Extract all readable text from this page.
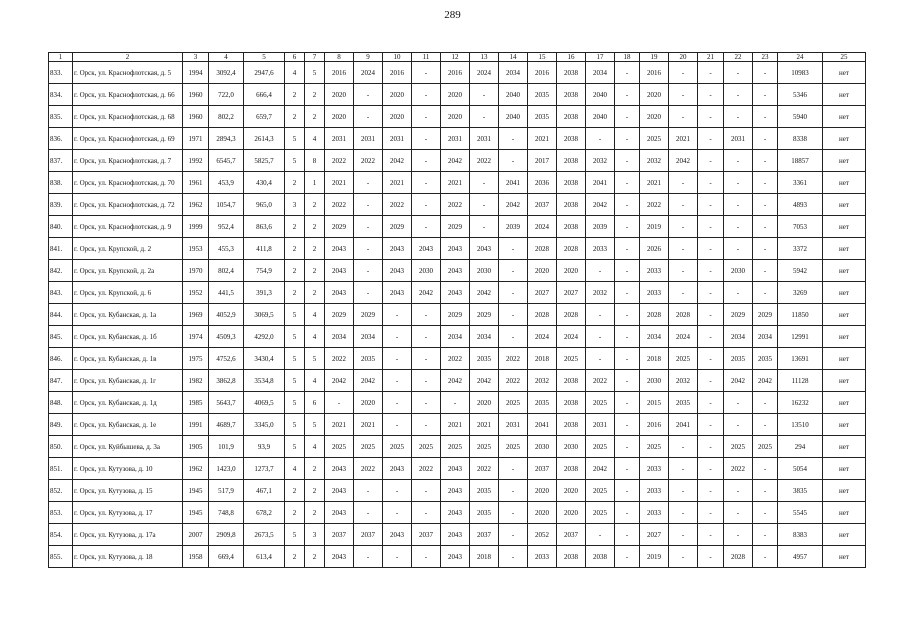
289
1	2	3	4	5	6	7	8	9	10	11	12	13	14	15	16	17	18	19	20	21	22	23	24	25
833.	г. Орск, ул. Краснофлотская, д. 5	1994	3092,4	2947,6	4	5	2016	2024	2016	-	2016	2024	2034	2016	2038	2034	-	2016	-	-	-	-	10983	нет
834.	г. Орск, ул. Краснофлотская, д. 66	1960	722,0	666,4	2	2	2020	-	2020	-	2020	-	2040	2035	2038	2040	-	2020	-	-	-	-	5346	нет
835.	г. Орск, ул. Краснофлотская, д. 68	1960	802,2	659,7	2	2	2020	-	2020	-	2020	-	2040	2035	2038	2040	-	2020	-	-	-	-	5940	нет
836.	г. Орск, ул. Краснофлотская, д. 69	1971	2894,3	2614,3	5	4	2031	2031	2031	-	2031	2031	-	2021	2038	-	-	2025	2021	-	2031	-	8338	нет
837.	г. Орск, ул. Краснофлотская, д. 7	1992	6545,7	5825,7	5	8	2022	2022	2042	-	2042	2022	-	2017	2038	2032	-	2032	2042	-	-	-	18857	нет
838.	г. Орск, ул. Краснофлотская, д. 70	1961	453,9	430,4	2	1	2021	-	2021	-	2021	-	2041	2036	2038	2041	-	2021	-	-	-	-	3361	нет
839.	г. Орск, ул. Краснофлотская, д. 72	1962	1054,7	965,0	3	2	2022	-	2022	-	2022	-	2042	2037	2038	2042	-	2022	-	-	-	-	4893	нет
840.	г. Орск, ул. Краснофлотская, д. 9	1999	952,4	863,6	2	2	2029	-	2029	-	2029	-	2039	2024	2038	2039	-	2019	-	-	-	-	7053	нет
841.	г. Орск, ул. Крупской, д. 2	1953	455,3	411,8	2	2	2043	-	2043	2043	2043	2043	-	2028	2028	2033	-	2026	-	-	-	-	3372	нет
842.	г. Орск, ул. Крупской, д. 2а	1970	802,4	754,9	2	2	2043	-	2043	2030	2043	2030	-	2020	2020	-	-	2033	-	-	2030	-	5942	нет
843.	г. Орск, ул. Крупской, д. 6	1952	441,5	391,3	2	2	2043	-	2043	2042	2043	2042	-	2027	2027	2032	-	2033	-	-	-	-	3269	нет
844.	г. Орск, ул. Кубанская, д. 1а	1969	4052,9	3069,5	5	4	2029	2029	-	-	2029	2029	-	2028	2028	-	-	2028	2028	-	2029	2029	11850	нет
845.	г. Орск, ул. Кубанская, д. 1б	1974	4509,3	4292,0	5	4	2034	2034	-	-	2034	2034	-	2024	2024	-	-	2034	2024	-	2034	2034	12991	нет
846.	г. Орск, ул. Кубанская, д. 1в	1975	4752,6	3430,4	5	5	2022	2035	-	-	2022	2035	2022	2018	2025	-	-	2018	2025	-	2035	2035	13691	нет
847.	г. Орск, ул. Кубанская, д. 1г	1982	3862,8	3534,8	5	4	2042	2042	-	-	2042	2042	2022	2032	2038	2022	-	2030	2032	-	2042	2042	11128	нет
848.	г. Орск, ул. Кубанская, д. 1д	1985	5643,7	4069,5	5	6	-	2020	-	-	-	2020	2025	2035	2038	2025	-	2015	2035	-	-	-	16232	нет
849.	г. Орск, ул. Кубанская, д. 1е	1991	4689,7	3345,0	5	5	2021	2021	-	-	2021	2021	2031	2041	2038	2031	-	2016	2041	-	-	-	13510	нет
850.	г. Орск, ул. Куйбышева, д. 3а	1905	101,9	93,9	5	4	2025	2025	2025	2025	2025	2025	2025	2030	2030	2025	-	2025	-	-	2025	2025	294	нет
851.	г. Орск, ул. Кутузова, д. 10	1962	1423,0	1273,7	4	2	2043	2022	2043	2022	2043	2022	-	2037	2038	2042	-	2033	-	-	2022	-	5054	нет
852.	г. Орск, ул. Кутузова, д. 15	1945	517,9	467,1	2	2	2043	-	-	-	2043	2035	-	2020	2020	2025	-	2033	-	-	-	-	3835	нет
853.	г. Орск, ул. Кутузова, д. 17	1945	748,8	678,2	2	2	2043	-	-	-	2043	2035	-	2020	2020	2025	-	2033	-	-	-	-	5545	нет
854.	г. Орск, ул. Кутузова, д. 17а	2007	2909,8	2673,5	5	3	2037	2037	2043	2037	2043	2037	-	2052	2037	-	-	2027	-	-	-	-	8383	нет
855.	г. Орск, ул. Кутузова, д. 18	1958	669,4	613,4	2	2	2043	-	-	-	2043	2018	-	2033	2038	2038	-	2019	-	-	2028	-	4957	нет
